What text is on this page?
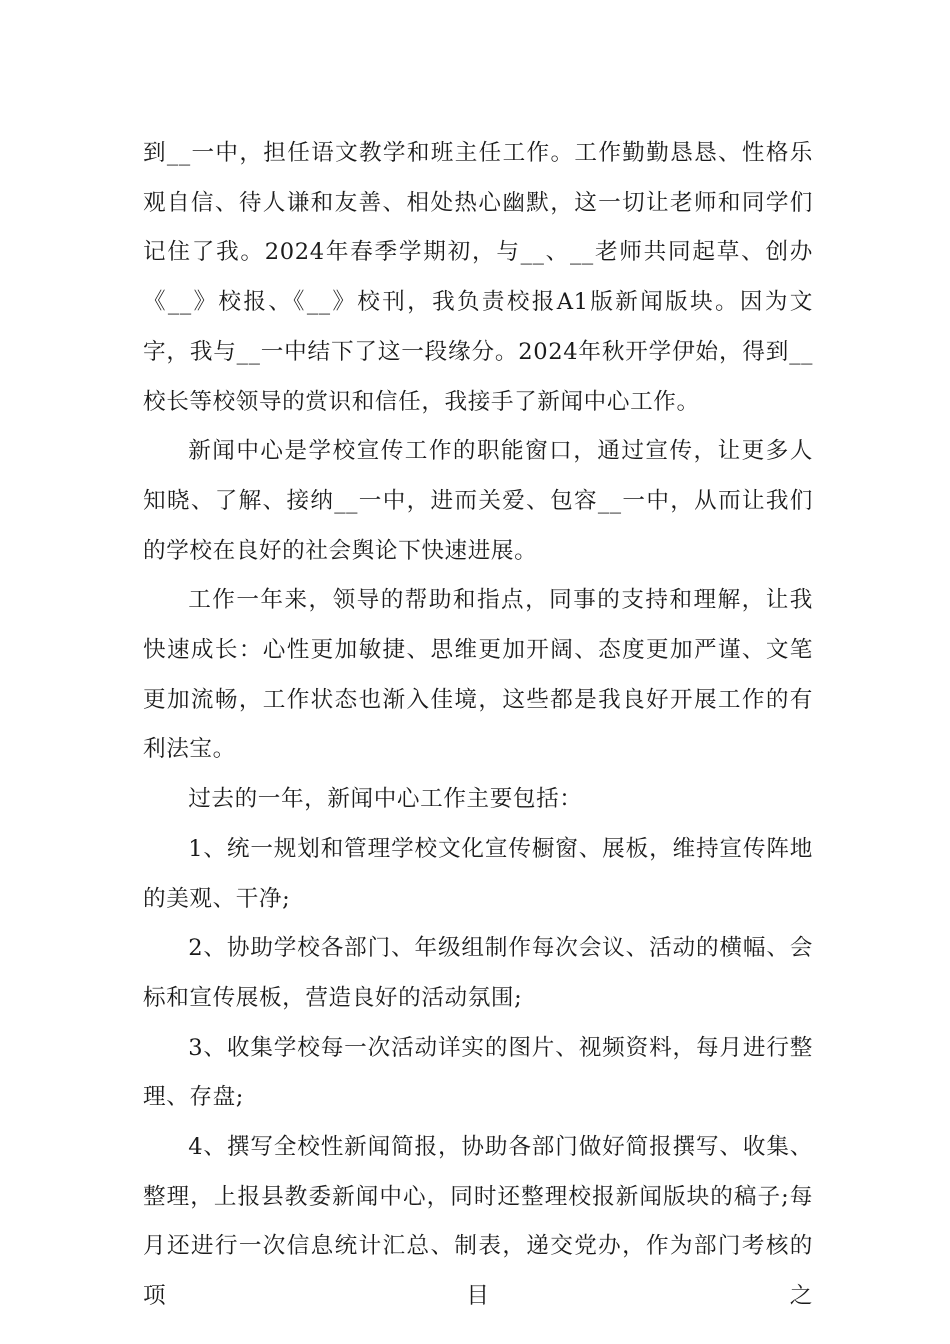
到__一中，担任语文教学和班主任工作。工作勤勤恳恳、性格乐观自信、待人谦和友善、相处热心幽默，这一切让老师和同学们记住了我。2024年春季学期初，与__、__老师共同起草、创办《__》校报、《__》校刊，我负责校报A1版新闻版块。因为文字，我与__一中结下了这一段缘分。2024年秋开学伊始，得到__校长等校领导的赏识和信任，我接手了新闻中心工作。

新闻中心是学校宣传工作的职能窗口，通过宣传，让更多人知晓、了解、接纳__一中，进而关爱、包容__一中，从而让我们的学校在良好的社会舆论下快速进展。

工作一年来，领导的帮助和指点，同事的支持和理解，让我快速成长：心性更加敏捷、思维更加开阔、态度更加严谨、文笔更加流畅，工作状态也渐入佳境，这些都是我良好开展工作的有利法宝。

过去的一年，新闻中心工作主要包括：

1、统一规划和管理学校文化宣传橱窗、展板，维持宣传阵地的美观、干净;

2、协助学校各部门、年级组制作每次会议、活动的横幅、会标和宣传展板，营造良好的活动氛围;

3、收集学校每一次活动详实的图片、视频资料，每月进行整理、存盘;

4、撰写全校性新闻简报，协助各部门做好简报撰写、收集、整理，上报县教委新闻中心，同时还整理校报新闻版块的稿子;每月还进行一次信息统计汇总、制表，递交党办，作为部门考核的项目之
